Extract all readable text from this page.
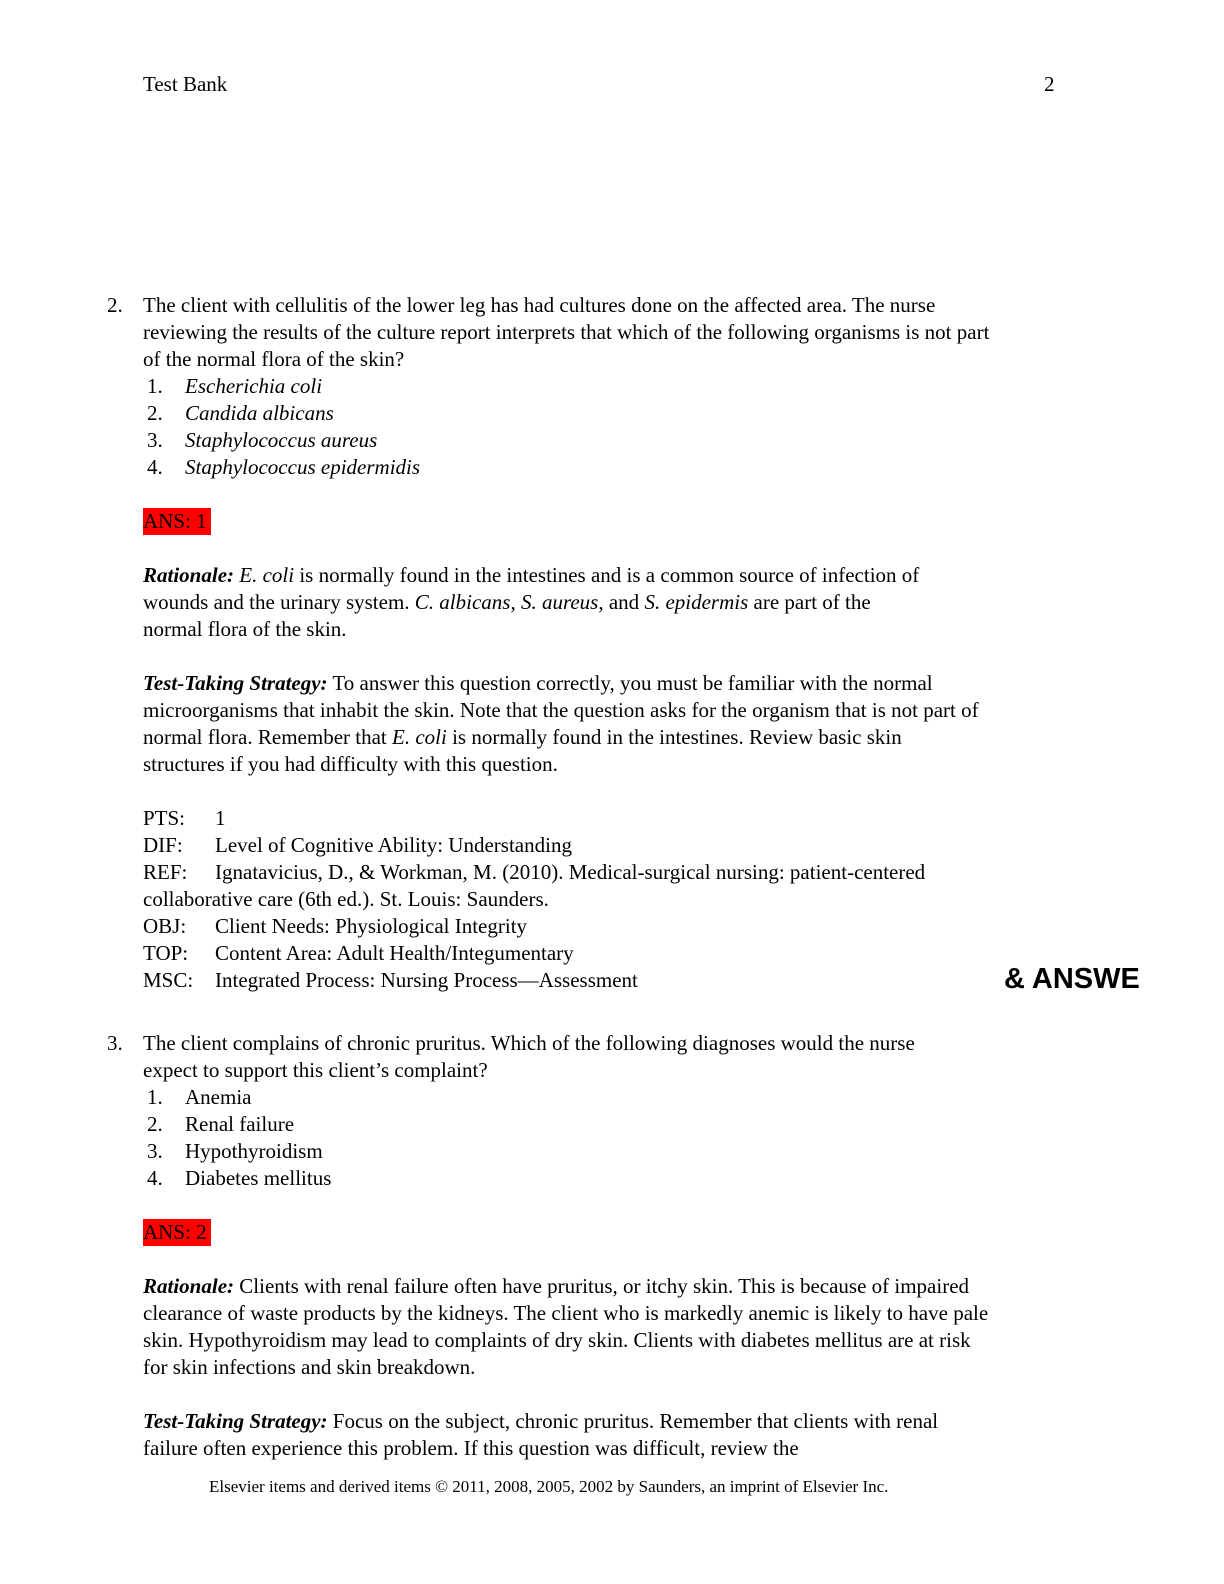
Test Bank	2
2. The client with cellulitis of the lower leg has had cultures done on the affected area. The nurse reviewing the results of the culture report interprets that which of the following organisms is not part of the normal flora of the skin?
1. Escherichia coli
2. Candida albicans
3. Staphylococcus aureus
4. Staphylococcus epidermidis
ANS: 1
Rationale: E. coli is normally found in the intestines and is a common source of infection of wounds and the urinary system. C. albicans, S. aureus, and S. epidermis are part of the normal flora of the skin.
Test-Taking Strategy: To answer this question correctly, you must be familiar with the normal microorganisms that inhabit the skin. Note that the question asks for the organism that is not part of normal flora. Remember that E. coli is normally found in the intestines. Review basic skin structures if you had difficulty with this question.
PTS: 1
DIF: Level of Cognitive Ability: Understanding
REF: Ignatavicius, D., & Workman, M. (2010). Medical-surgical nursing: patient-centered collaborative care (6th ed.). St. Louis: Saunders.
OBJ: Client Needs: Physiological Integrity
TOP: Content Area: Adult Health/Integumentary
MSC: Integrated Process: Nursing Process—Assessment	& ANSWE
3. The client complains of chronic pruritus. Which of the following diagnoses would the nurse expect to support this client’s complaint?
1. Anemia
2. Renal failure
3. Hypothyroidism
4. Diabetes mellitus
ANS: 2
Rationale: Clients with renal failure often have pruritus, or itchy skin. This is because of impaired clearance of waste products by the kidneys. The client who is markedly anemic is likely to have pale skin. Hypothyroidism may lead to complaints of dry skin. Clients with diabetes mellitus are at risk for skin infections and skin breakdown.
Test-Taking Strategy: Focus on the subject, chronic pruritus. Remember that clients with renal failure often experience this problem. If this question was difficult, review the
Elsevier items and derived items © 2011, 2008, 2005, 2002 by Saunders, an imprint of Elsevier Inc.
